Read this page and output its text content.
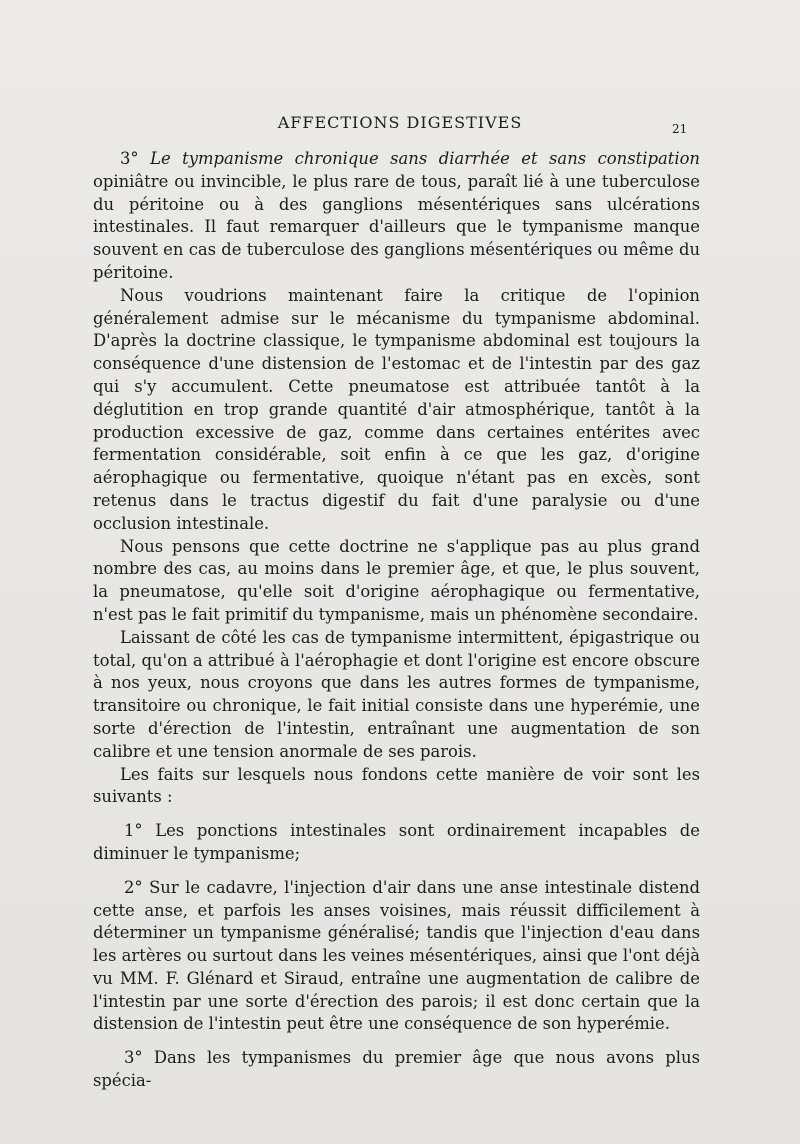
AFFECTIONS DIGESTIVES	21

3° Le tympanisme chronique sans diarrhée et sans constipation opiniâtre ou invincible, le plus rare de tous, paraît lié à une tuberculose du péritoine ou à des ganglions mésentériques sans ulcérations intestinales. Il faut remarquer d'ailleurs que le tympanisme manque souvent en cas de tuberculose des ganglions mésentériques ou même du péritoine.

Nous voudrions maintenant faire la critique de l'opinion généralement admise sur le mécanisme du tympanisme abdominal. D'après la doctrine classique, le tympanisme abdominal est toujours la conséquence d'une distension de l'estomac et de l'intestin par des gaz qui s'y accumulent. Cette pneumatose est attribuée tantôt à la déglutition en trop grande quantité d'air atmosphérique, tantôt à la production excessive de gaz, comme dans certaines entérites avec fermentation considérable, soit enfin à ce que les gaz, d'origine aérophagique ou fermentative, quoique n'étant pas en excès, sont retenus dans le tractus digestif du fait d'une paralysie ou d'une occlusion intestinale.

Nous pensons que cette doctrine ne s'applique pas au plus grand nombre des cas, au moins dans le premier âge, et que, le plus souvent, la pneumatose, qu'elle soit d'origine aérophagique ou fermentative, n'est pas le fait primitif du tympanisme, mais un phénomène secondaire.

Laissant de côté les cas de tympanisme intermittent, épigastrique ou total, qu'on a attribué à l'aérophagie et dont l'origine est encore obscure à nos yeux, nous croyons que dans les autres formes de tympanisme, transitoire ou chronique, le fait initial consiste dans une hyperémie, une sorte d'érection de l'intestin, entraînant une augmentation de son calibre et une tension anormale de ses parois.

Les faits sur lesquels nous fondons cette manière de voir sont les suivants :

1° Les ponctions intestinales sont ordinairement incapables de diminuer le tympanisme;

2° Sur le cadavre, l'injection d'air dans une anse intestinale distend cette anse, et parfois les anses voisines, mais réussit difficilement à déterminer un tympanisme généralisé; tandis que l'injection d'eau dans les artères ou surtout dans les veines mésentériques, ainsi que l'ont déjà vu MM. F. Glénard et Siraud, entraîne une augmentation de calibre de l'intestin par une sorte d'érection des parois; il est donc certain que la distension de l'intestin peut être une conséquence de son hyperémie.

3° Dans les tympanismes du premier âge que nous avons plus spécia-
